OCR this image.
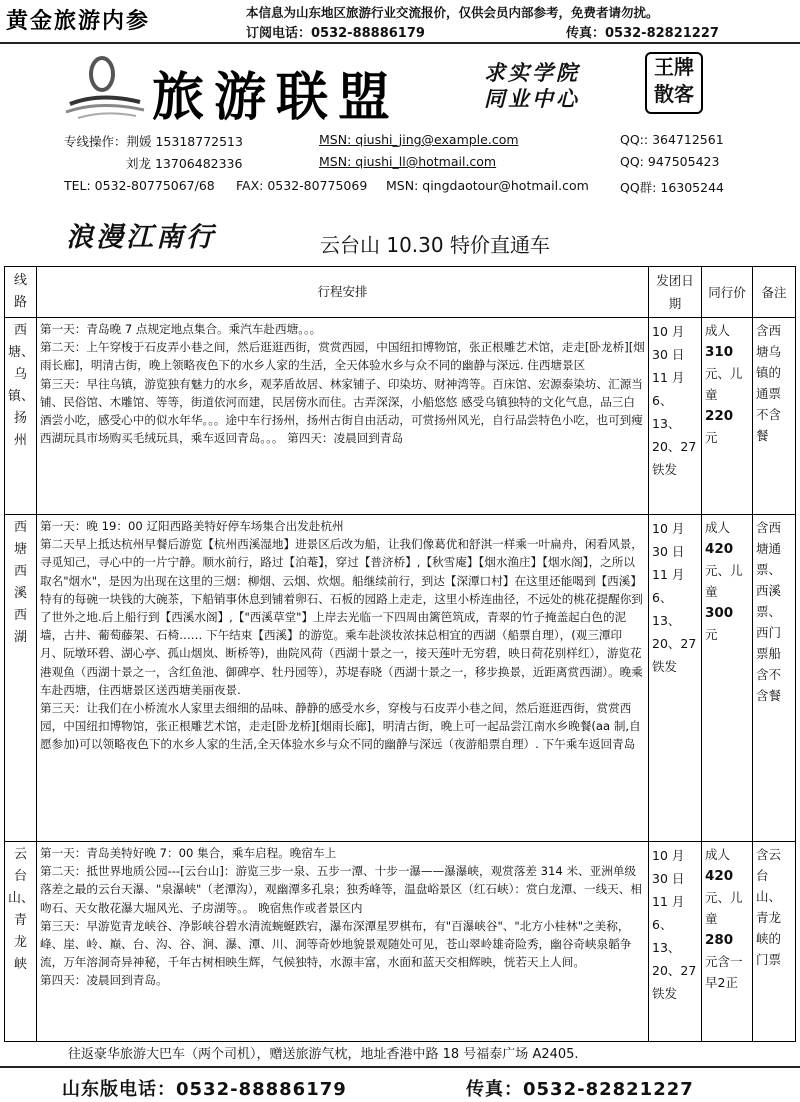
黄金旅游内参	本信息为山东地区旅游行业交流报价，仅供会员内部参考，免费者请勿扰。
订阅电话：0532-88886179	传真：0532-82821227
旅游联盟	求实学院
同业中心
王牌
散客
专线操作：荆媛 15318772513
刘龙 13706482336
MSN: qiushi_jing@example.com
MSN: qiushi_ll@hotmail.com
QQ:: 364712561
QQ: 947505423
TEL: 0532-80775067/68 FAX: 0532-80775069 MSN: qingdaotour@hotmail.com QQ群: 16305244
浪漫江南行	云台山 10.30 特价直通车
线路	行程安排	发团日期	同行价	备注
西塘、乌镇、扬州	第一天：青岛晚 7 点规定地点集合。乘汽车赴西塘。。。
第二天：上午穿梭于石皮弄小巷之间，然后逛逛西街，赏赏西园，中国纽扣博物馆，张正根雕艺术馆，走走[卧龙桥][烟雨长廊]，明清古街，晚上领略夜色下的水乡人家的生活，全天体验水乡与众不同的幽静与深远. 住西塘景区
第三天：早往乌镇，游览独有魅力的水乡，观茅盾故居、林家铺子、印染坊、财神湾等。百床馆、宏源泰染坊、汇源当铺、民俗馆、木雕馆、等等，街道依河而建，民居傍水而住。古弄深深，小船悠悠 感受乌镇独特的文化气息，品三白酒尝小吃，感受心中的似水年华。。。途中车行扬州，扬州古街自由活动，可赏扬州风光，自行品尝特色小吃，也可到瘦西湖玩具市场购买毛绒玩具，乘车返回青岛。。。 第四天：凌晨回到青岛	10 月 30 日 11 月 6、13、20、27 铁发	成人 310 元、儿童 220 元	含西塘乌镇的通票不含餐
西塘西溪西湖	第一天：晚 19：00 辽阳西路美特好停车场集合出发赴杭州
第二天早上抵达杭州早餐后游览【杭州西溪湿地】进景区后改为船，让我们像葛优和舒淇一样乘一叶扁舟，闲看风景，寻觅知己，寻心中的一片宁静。顺水前行，路过【泊菴】，穿过【普济桥】,【秋雪庵】【烟水渔庄】【烟水阁】，之所以取名"烟水"，是因为出现在这里的三烟：柳烟、云烟、炊烟。船继续前行，到达【深潭口村】在这里还能喝到【西溪】特有的每碗一块钱的大碗茶，下船销事休息到铺着卵石、石板的园路上走走，这里小桥连曲径，不远处的桃花提醒你到了世外之地.后上船行到【西溪水阁】,【"西溪草堂"】上岸去光临一下四周由篱笆筑成，青翠的竹子掩盖起白色的泥墙，古井、葡萄藤架、石椅…… 下午结束【西溪】的游览。乘车赴淡妆浓抹总相宜的西湖（船票自理），(观三潭印月、阮墩环碧、湖心亭、孤山烟岚、断桥等)，曲院风荷（西湖十景之一，接天莲叶无穷碧，映日荷花别样红），游览花港观鱼（西湖十景之一，含红鱼池、御碑亭、牡丹园等），苏堤春晓（西湖十景之一，移步换景，近距离赏西湖）。晚乘车赴西塘，住西塘景区送西塘美丽夜景.
第三天：让我们在小桥流水人家里去细细的品味、静静的感受水乡，穿梭与石皮弄小巷之间，然后逛逛西街，赏赏西园，中国纽扣博物馆，张正根雕艺术馆，走走[卧龙桥][烟雨长廊]，明清古街，晚上可一起品尝江南水乡晚餐(aa 制,自愿参加)可以领略夜色下的水乡人家的生活,全天体验水乡与众不同的幽静与深远（夜游船票自理）. 下午乘车返回青岛	10 月 30 日 11 月 6、13、20、27 铁发	成人 420 元、儿童 300 元	含西塘通票、西溪票、西门票船含不含餐
云台山、青龙峡	第一天：青岛美特好晚 7：00 集合，乘车启程。晚宿车上
第二天：抵世界地质公园---[云台山]：游览三步一泉、五步一潭、十步一瀑——瀑瀑峡，观赏落差 314 米、亚洲单级落差之最的云台天瀑、"泉瀑峡"（老潭沟），观幽潭多孔泉；独秀峰等，温盘峪景区（红石峡）：赏白龙潭、一线天、相吻石、天女散花瀑大堀风光、子房湖等。。 晚宿焦作或者景区内
第三天：早游览青龙峡谷、净影峡谷碧水清流蜿蜒跌宕，瀑布深潭星罗棋布，有"百瀑峡谷"、"北方小桂林"之美称，峰、崖、岭、巅、台、沟、谷、涧、瀑、潭、川、洞等奇妙地貌景观随处可见，苍山翠岭雄奇险秀，幽谷奇峡泉韜争流，万年溶洞奇异神秘，千年古树相映生辉，气候独特，水源丰富，水面和蓝天交相辉映，恍若天上人间。
第四天：凌晨回到青岛。	10 月 30 日 11 月 6、13、20、27 铁发	成人 420 元、儿童 280 元含一早2正	含云台山、青龙峡的门票
往返豪华旅游大巴车（两个司机），赠送旅游气枕，地址香港中路 18 号福泰广场 A2405.
山东版电话：0532-88886179	传真：0532-82821227
